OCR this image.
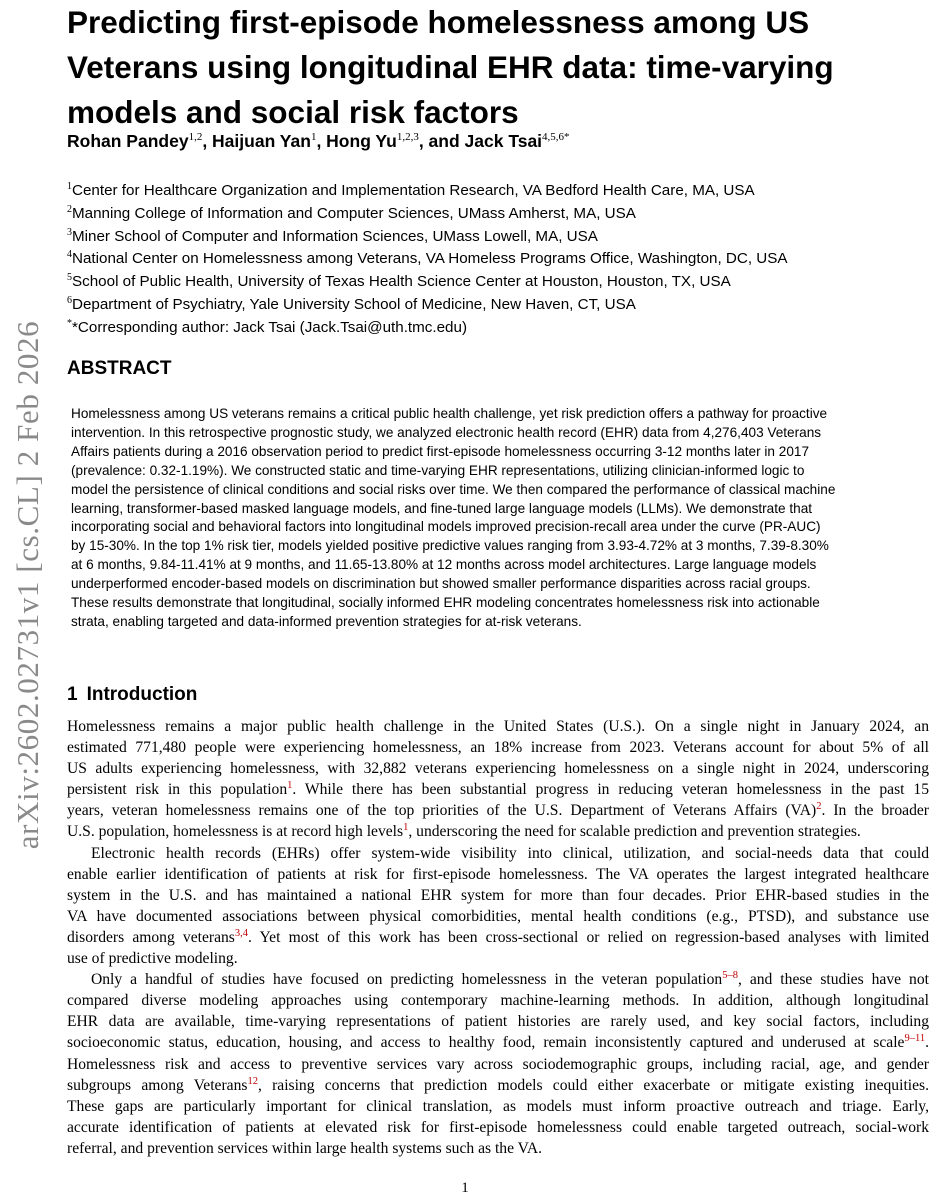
arXiv:2602.02731v1 [cs.CL] 2 Feb 2026
Predicting first-episode homelessness among US
Veterans using longitudinal EHR data: time-varying
models and social risk factors
Rohan Pandey$^{1,2}$, Haijuan Yan$^1$, Hong Yu$^{1,2,3}$, and Jack Tsai$^{4,5,6*}$
$^1$Center for Healthcare Organization and Implementation Research, VA Bedford Health Care, MA, USA
$^2$Manning College of Information and Computer Sciences, UMass Amherst, MA, USA
$^3$Miner School of Computer and Information Sciences, UMass Lowell, MA, USA
$^4$National Center on Homelessness among Veterans, VA Homeless Programs Office, Washington, DC, USA
$^5$School of Public Health, University of Texas Health Science Center at Houston, Houston, TX, USA
$^6$Department of Psychiatry, Yale University School of Medicine, New Haven, CT, USA
**Corresponding author: Jack Tsai (Jack.Tsai@uth.tmc.edu)
ABSTRACT
Homelessness among US veterans remains a critical public health challenge, yet risk prediction offers a pathway for proactive
intervention. In this retrospective prognostic study, we analyzed electronic health record (EHR) data from 4,276,403 Veterans
Affairs patients during a 2016 observation period to predict first-episode homelessness occurring 3-12 months later in 2017
(prevalence: 0.32-1.19%). We constructed static and time-varying EHR representations, utilizing clinician-informed logic to
model the persistence of clinical conditions and social risks over time. We then compared the performance of classical machine
learning, transformer-based masked language models, and fine-tuned large language models (LLMs). We demonstrate that
incorporating social and behavioral factors into longitudinal models improved precision-recall area under the curve (PR-AUC)
by 15-30%. In the top 1% risk tier, models yielded positive predictive values ranging from 3.93-4.72% at 3 months, 7.39-8.30%
at 6 months, 9.84-11.41% at 9 months, and 11.65-13.80% at 12 months across model architectures. Large language models
underperformed encoder-based models on discrimination but showed smaller performance disparities across racial groups.
These results demonstrate that longitudinal, socially informed EHR modeling concentrates homelessness risk into actionable
strata, enabling targeted and data-informed prevention strategies for at-risk veterans.
1 Introduction
Homelessness remains a major public health challenge in the United States (U.S.). On a single night in January 2024, an
estimated 771,480 people were experiencing homelessness, an 18% increase from 2023. Veterans account for about 5% of all
US adults experiencing homelessness, with 32,882 veterans experiencing homelessness on a single night in 2024, underscoring
persistent risk in this population$^1$. While there has been substantial progress in reducing veteran homelessness in the past 15
years, veteran homelessness remains one of the top priorities of the U.S. Department of Veterans Affairs (VA)$^2$. In the broader
U.S. population, homelessness is at record high levels$^1$, underscoring the need for scalable prediction and prevention strategies.
Electronic health records (EHRs) offer system-wide visibility into clinical, utilization, and social-needs data that could
enable earlier identification of patients at risk for first-episode homelessness. The VA operates the largest integrated healthcare
system in the U.S. and has maintained a national EHR system for more than four decades. Prior EHR-based studies in the
VA have documented associations between physical comorbidities, mental health conditions (e.g., PTSD), and substance use
disorders among veterans$^{3,4}$. Yet most of this work has been cross-sectional or relied on regression-based analyses with limited
use of predictive modeling.
Only a handful of studies have focused on predicting homelessness in the veteran population$^{5-8}$, and these studies have not
compared diverse modeling approaches using contemporary machine-learning methods. In addition, although longitudinal
EHR data are available, time-varying representations of patient histories are rarely used, and key social factors, including
socioeconomic status, education, housing, and access to healthy food, remain inconsistently captured and underused at scale$^{9-11}$.
Homelessness risk and access to preventive services vary across sociodemographic groups, including racial, age, and gender
subgroups among Veterans$^{12}$, raising concerns that prediction models could either exacerbate or mitigate existing inequities.
These gaps are particularly important for clinical translation, as models must inform proactive outreach and triage. Early,
accurate identification of patients at elevated risk for first-episode homelessness could enable targeted outreach, social-work
referral, and prevention services within large health systems such as the VA.
1
